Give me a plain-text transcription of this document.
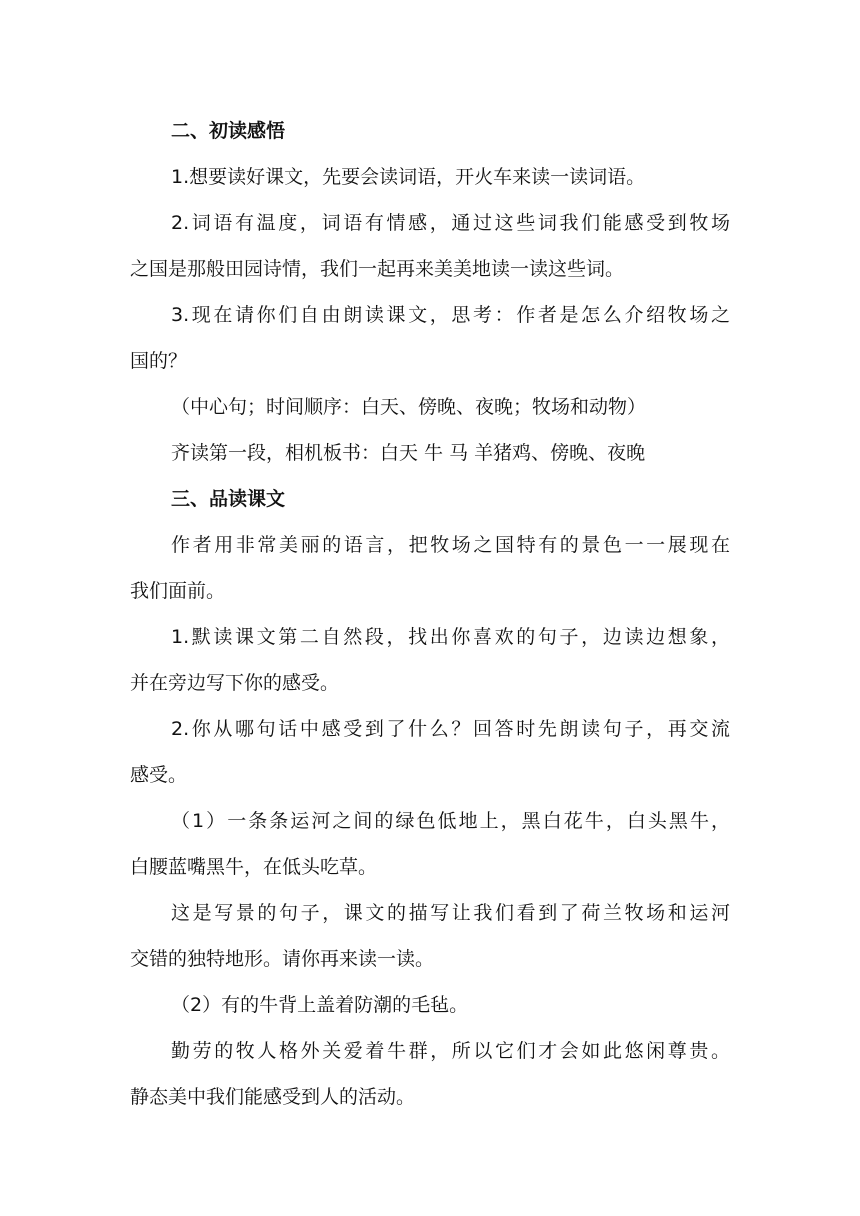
二、初读感悟

1.想要读好课文，先要会读词语，开火车来读一读词语。

2.词语有温度，词语有情感，通过这些词我们能感受到牧场

之国是那般田园诗情，我们一起再来美美地读一读这些词。

3.现在请你们自由朗读课文，思考：作者是怎么介绍牧场之

国的？

（中心句；时间顺序：白天、傍晚、夜晚；牧场和动物）

齐读第一段，相机板书：白天 牛 马 羊猪鸡、傍晚、夜晚

三、品读课文

作者用非常美丽的语言，把牧场之国特有的景色一一展现在

我们面前。

1.默读课文第二自然段，找出你喜欢的句子，边读边想象，

并在旁边写下你的感受。

2.你从哪句话中感受到了什么？回答时先朗读句子，再交流

感受。

（1）一条条运河之间的绿色低地上，黑白花牛，白头黑牛，

白腰蓝嘴黑牛，在低头吃草。

这是写景的句子，课文的描写让我们看到了荷兰牧场和运河

交错的独特地形。请你再来读一读。

（2）有的牛背上盖着防潮的毛毡。

勤劳的牧人格外关爱着牛群，所以它们才会如此悠闲尊贵。

静态美中我们能感受到人的活动。
